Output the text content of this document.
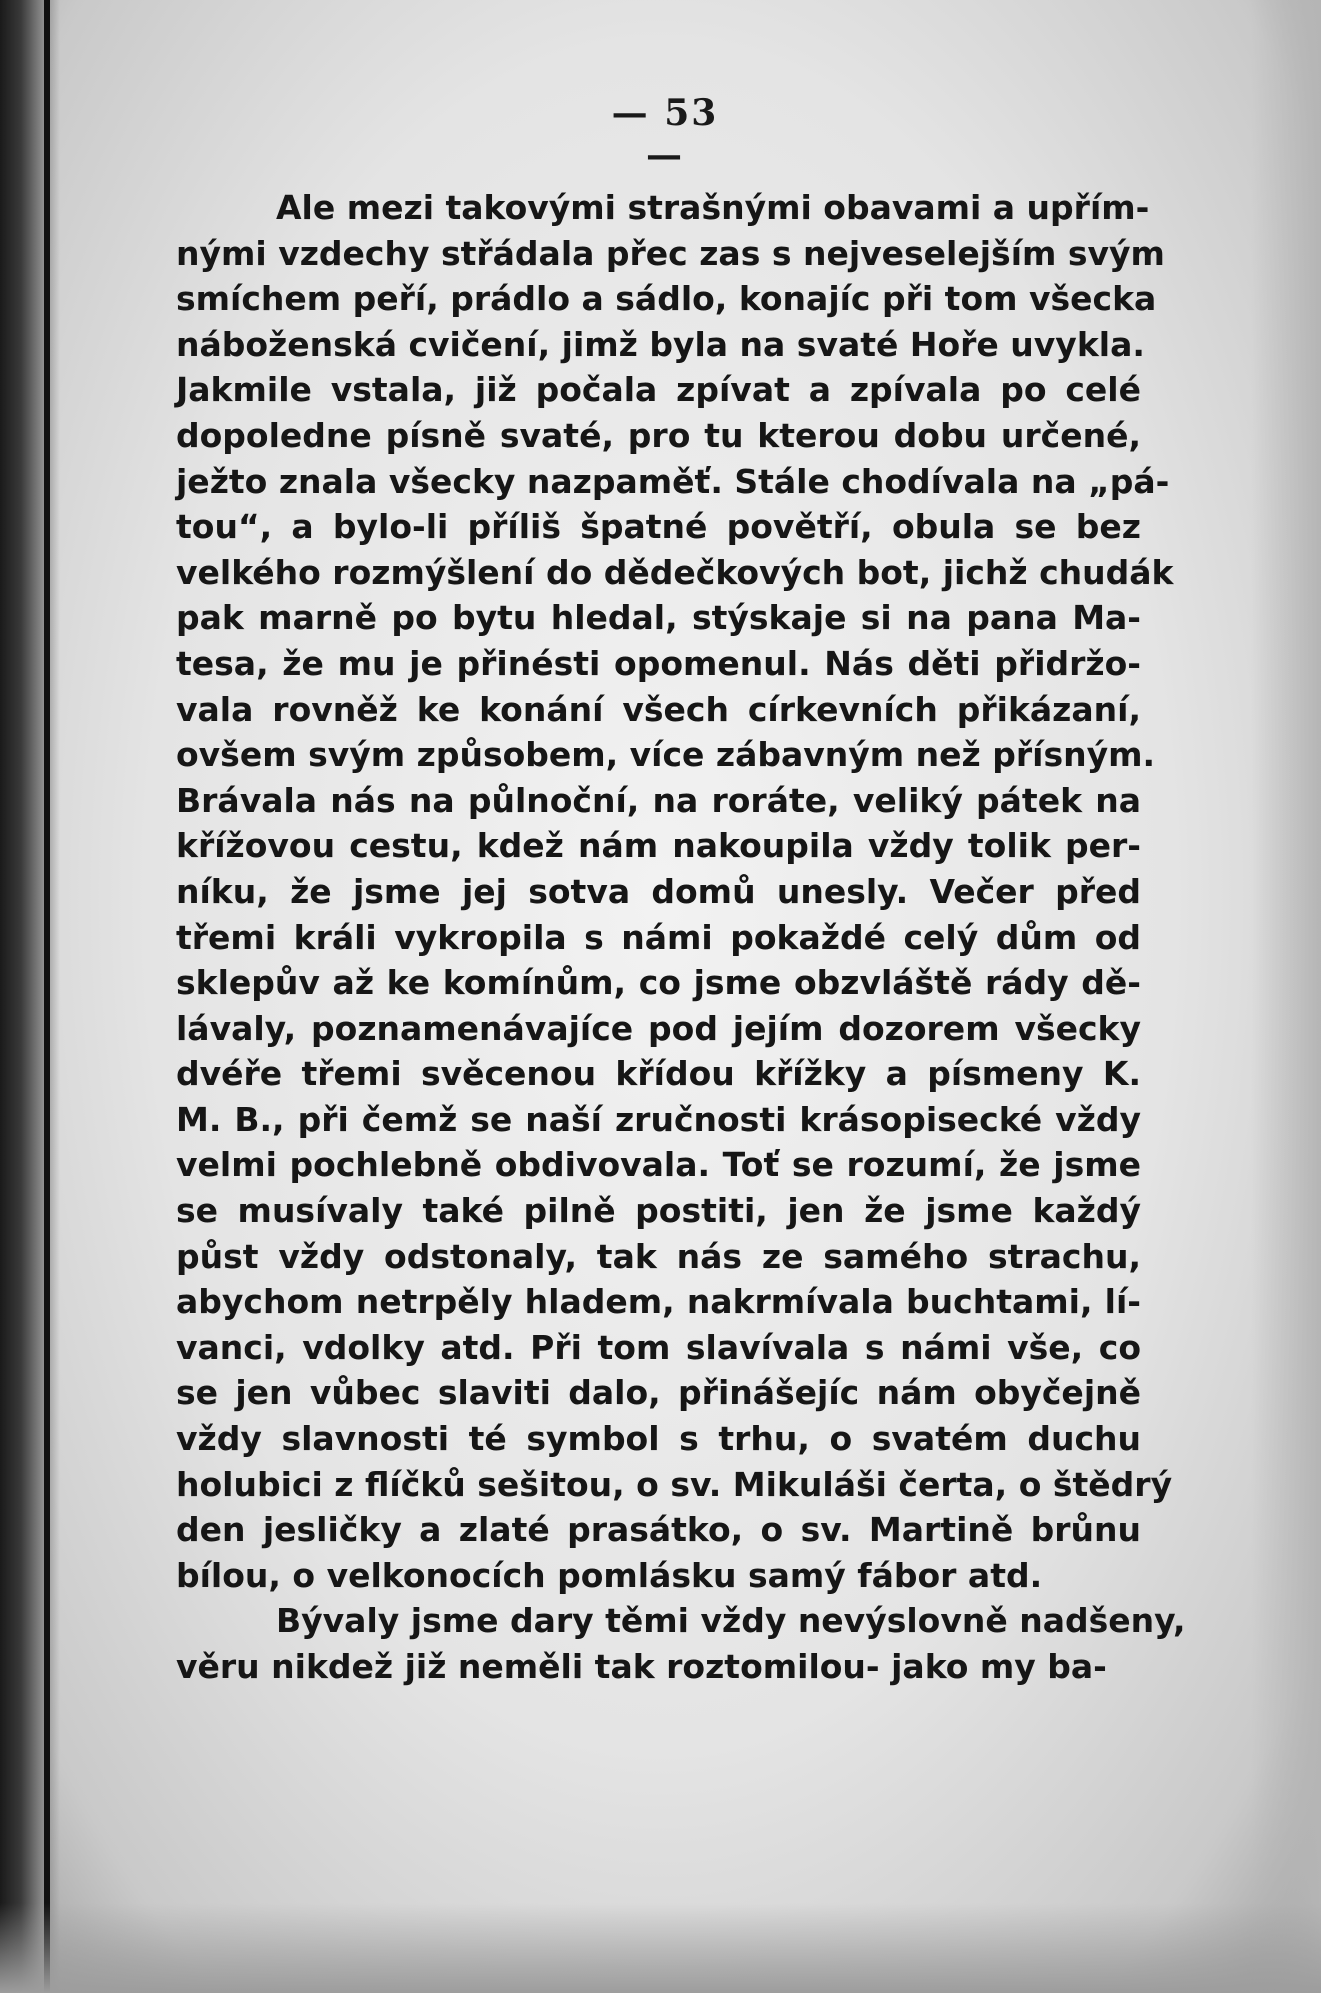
— 53 —
Ale mezi takovými strašnými obavami a upřím-
nými vzdechy střádala přec zas s nejveselejším svým
smíchem peří, prádlo a sádlo, konajíc při tom všecka
náboženská cvičení, jimž byla na svaté Hoře uvykla.
Jakmile vstala, již počala zpívat a zpívala po celé
dopoledne písně svaté, pro tu kterou dobu určené,
ježto znala všecky nazpaměť. Stále chodívala na „pá-
tou“, a bylo-li příliš špatné povětří, obula se bez
velkého rozmýšlení do dědečkových bot, jichž chudák
pak marně po bytu hledal, stýskaje si na pana Ma-
tesa, že mu je přinésti opomenul. Nás děti přidržo-
vala rovněž ke konání všech církevních přikázaní,
ovšem svým způsobem, více zábavným než přísným.
Brávala nás na půlnoční, na roráte, veliký pátek na
křížovou cestu, kdež nám nakoupila vždy tolik per-
níku, že jsme jej sotva domů unesly. Večer před
třemi králi vykropila s námi pokaždé celý dům od
sklepův až ke komínům, co jsme obzvláště rády dě-
lávaly, poznamenávajíce pod jejím dozorem všecky
dvéře třemi svěcenou křídou křížky a písmeny K.
M. B., při čemž se naší zručnosti krásopisecké vždy
velmi pochlebně obdivovala. Toť se rozumí, že jsme
se musívaly také pilně postiti, jen že jsme každý
půst vždy odstonaly, tak nás ze samého strachu,
abychom netrpěly hladem, nakrmívala buchtami, lí-
vanci, vdolky atd. Při tom slavívala s námi vše, co
se jen vůbec slaviti dalo, přinášejíc nám obyčejně
vždy slavnosti té symbol s trhu, o svatém duchu
holubici z flíčků sešitou, o sv. Mikuláši čerta, o štědrý
den jesličky a zlaté prasátko, o sv. Martině brůnu
bílou, o velkonocích pomlásku samý fábor atd.
Bývaly jsme dary těmi vždy nevýslovně nadšeny,
věru nikdež již neměli tak roztomilou- jako my ba-
